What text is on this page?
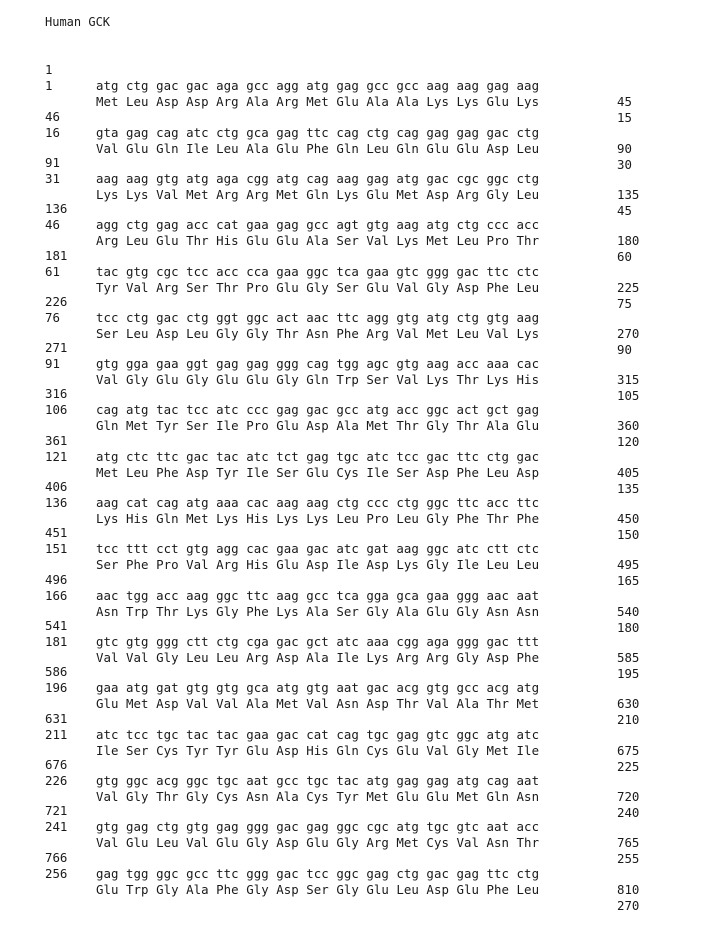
Human GCK

1

atg ctg gac gac aga gcc agg atg gag gcc gcc aag aag gag aag

45

1

Met Leu Asp Asp Arg Ala Arg Met Glu Ala Ala Lys Lys Glu Lys

15

46

gta gag cag atc ctg gca gag ttc cag ctg cag gag gag gac ctg

90

16

Val Glu Gln Ile Leu Ala Glu Phe Gln Leu Gln Glu Glu Asp Leu

30

91

aag aag gtg atg aga cgg atg cag aag gag atg gac cgc ggc ctg

135

31

Lys Lys Val Met Arg Arg Met Gln Lys Glu Met Asp Arg Gly Leu

45

136

agg ctg gag acc cat gaa gag gcc agt gtg aag atg ctg ccc acc

180

46

Arg Leu Glu Thr His Glu Glu Ala Ser Val Lys Met Leu Pro Thr

60

181

tac gtg cgc tcc acc cca gaa ggc tca gaa gtc ggg gac ttc ctc

225

61

Tyr Val Arg Ser Thr Pro Glu Gly Ser Glu Val Gly Asp Phe Leu

75

226

tcc ctg gac ctg ggt ggc act aac ttc agg gtg atg ctg gtg aag

270

76

Ser Leu Asp Leu Gly Gly Thr Asn Phe Arg Val Met Leu Val Lys

90

271

gtg gga gaa ggt gag gag ggg cag tgg agc gtg aag acc aaa cac

315

91

Val Gly Glu Gly Glu Glu Gly Gln Trp Ser Val Lys Thr Lys His

105

316

cag atg tac tcc atc ccc gag gac gcc atg acc ggc act gct gag

360

106

Gln Met Tyr Ser Ile Pro Glu Asp Ala Met Thr Gly Thr Ala Glu

120

361

atg ctc ttc gac tac atc tct gag tgc atc tcc gac ttc ctg gac

405

121

Met Leu Phe Asp Tyr Ile Ser Glu Cys Ile Ser Asp Phe Leu Asp

135

406

aag cat cag atg aaa cac aag aag ctg ccc ctg ggc ttc acc ttc

450

136

Lys His Gln Met Lys His Lys Lys Leu Pro Leu Gly Phe Thr Phe

150

451

tcc ttt cct gtg agg cac gaa gac atc gat aag ggc atc ctt ctc

495

151

Ser Phe Pro Val Arg His Glu Asp Ile Asp Lys Gly Ile Leu Leu

165

496

aac tgg acc aag ggc ttc aag gcc tca gga gca gaa ggg aac aat

540

166

Asn Trp Thr Lys Gly Phe Lys Ala Ser Gly Ala Glu Gly Asn Asn

180

541

gtc gtg ggg ctt ctg cga gac gct atc aaa cgg aga ggg gac ttt

585

181

Val Val Gly Leu Leu Arg Asp Ala Ile Lys Arg Arg Gly Asp Phe

195

586

gaa atg gat gtg gtg gca atg gtg aat gac acg gtg gcc acg atg

630

196

Glu Met Asp Val Val Ala Met Val Asn Asp Thr Val Ala Thr Met

210

631

atc tcc tgc tac tac gaa gac cat cag tgc gag gtc ggc atg atc

675

211

Ile Ser Cys Tyr Tyr Glu Asp His Gln Cys Glu Val Gly Met Ile

225

676

gtg ggc acg ggc tgc aat gcc tgc tac atg gag gag atg cag aat

720

226

Val Gly Thr Gly Cys Asn Ala Cys Tyr Met Glu Glu Met Gln Asn

240

721

gtg gag ctg gtg gag ggg gac gag ggc cgc atg tgc gtc aat acc

765

241

Val Glu Leu Val Glu Gly Asp Glu Gly Arg Met Cys Val Asn Thr

255

766

gag tgg ggc gcc ttc ggg gac tcc ggc gag ctg gac gag ttc ctg

810

256

Glu Trp Gly Ala Phe Gly Asp Ser Gly Glu Leu Asp Glu Phe Leu

270
